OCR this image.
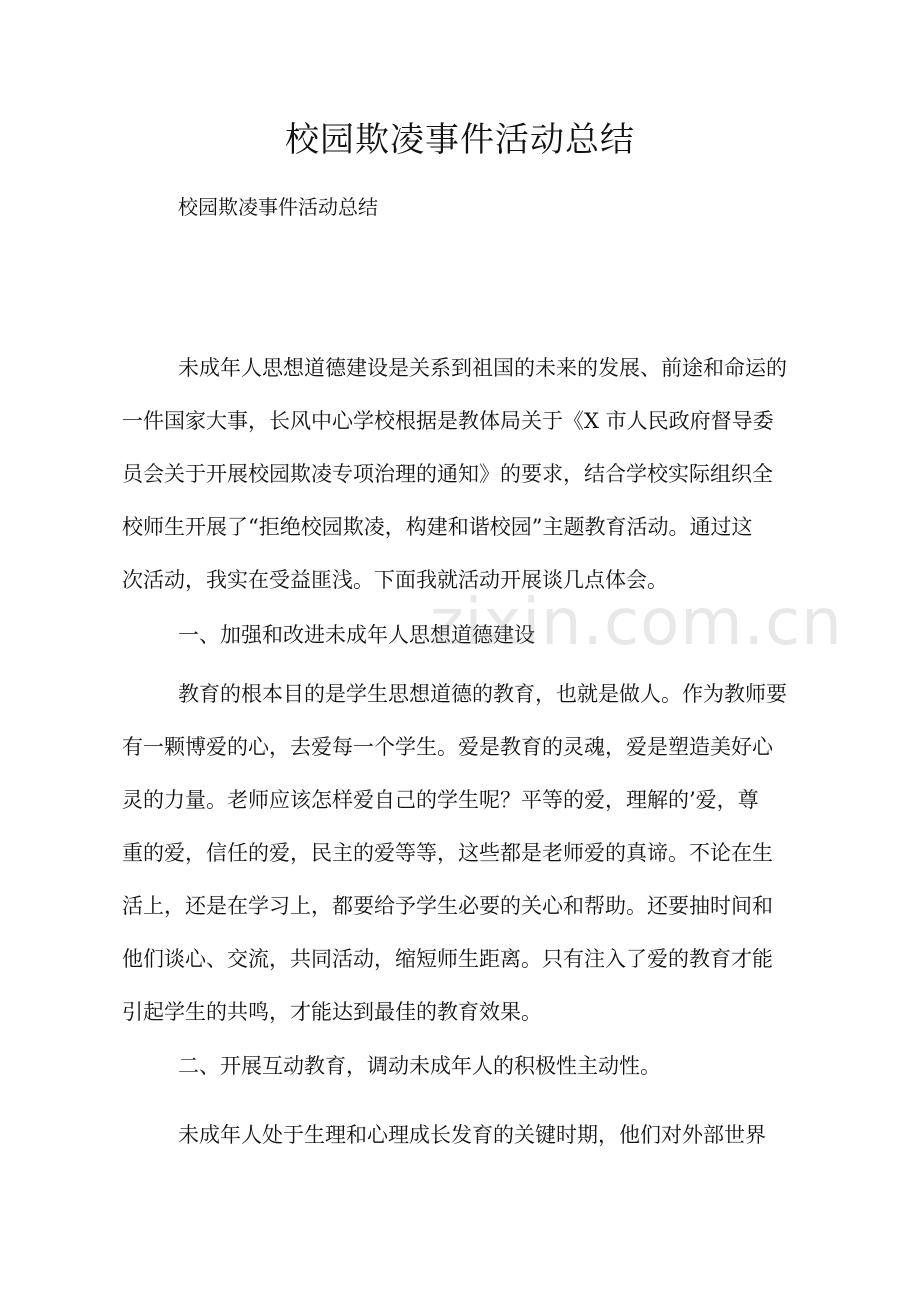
校园欺凌事件活动总结

校园欺凌事件活动总结

未成年人思想道德建设是关系到祖国的未来的发展、前途和命运的
一件国家大事，长风中心学校根据是教体局关于《X 市人民政府督导委
员会关于开展校园欺凌专项治理的通知》的要求，结合学校实际组织全
校师生开展了“拒绝校园欺凌，构建和谐校园”主题教育活动。通过这
次活动，我实在受益匪浅。下面我就活动开展谈几点体会。
一、加强和改进未成年人思想道德建设
教育的根本目的是学生思想道德的教育，也就是做人。作为教师要
有一颗博爱的心，去爱每一个学生。爱是教育的灵魂，爱是塑造美好心
灵的力量。老师应该怎样爱自己的学生呢？平等的爱，理解的’爱，尊
重的爱，信任的爱，民主的爱等等，这些都是老师爱的真谛。不论在生
活上，还是在学习上，都要给予学生必要的关心和帮助。还要抽时间和
他们谈心、交流，共同活动，缩短师生距离。只有注入了爱的教育才能
引起学生的共鸣，才能达到最佳的教育效果。
二、开展互动教育，调动未成年人的积极性主动性。
未成年人处于生理和心理成长发育的关键时期，他们对外部世界
zixin.com.cn
